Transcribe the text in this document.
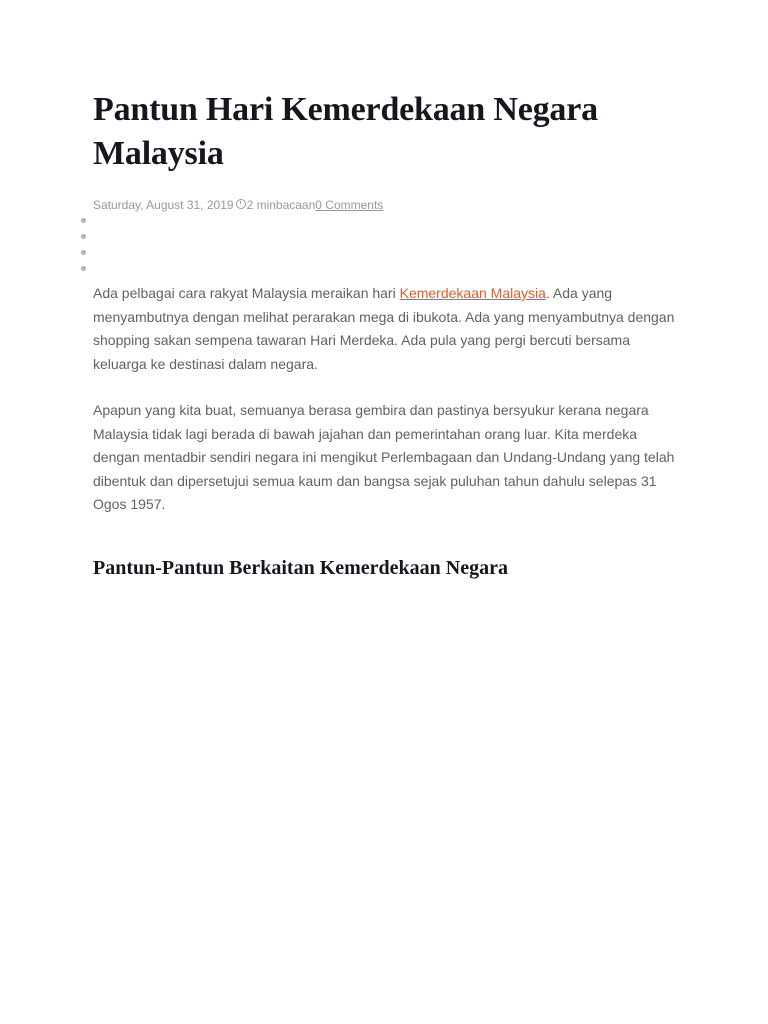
Pantun Hari Kemerdekaan Negara Malaysia
Saturday, August 31, 2019 2 minbacaan0 Comments

Ada pelbagai cara rakyat Malaysia meraikan hari Kemerdekaan Malaysia. Ada yang menyambutnya dengan melihat perarakan mega di ibukota. Ada yang menyambutnya dengan shopping sakan sempena tawaran Hari Merdeka. Ada pula yang pergi bercuti bersama keluarga ke destinasi dalam negara.

Apapun yang kita buat, semuanya berasa gembira dan pastinya bersyukur kerana negara Malaysia tidak lagi berada di bawah jajahan dan pemerintahan orang luar. Kita merdeka dengan mentadbir sendiri negara ini mengikut Perlembagaan dan Undang-Undang yang telah dibentuk dan dipersetujui semua kaum dan bangsa sejak puluhan tahun dahulu selepas 31 Ogos 1957.

Pantun-Pantun Berkaitan Kemerdekaan Negara
